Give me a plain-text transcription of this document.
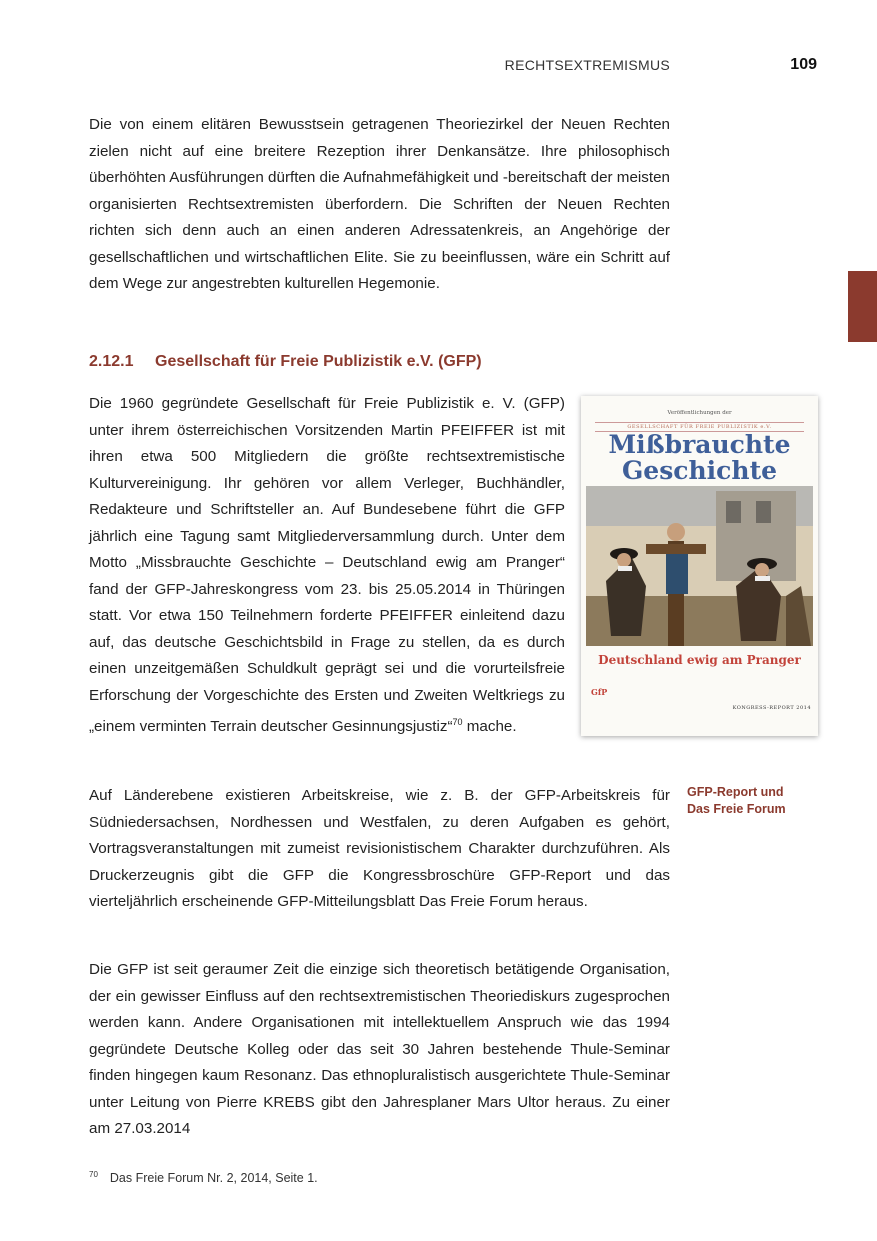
RECHTSEXTREMISMUS	109

Die von einem elitären Bewusstsein getragenen Theoriezirkel der Neuen Rechten zielen nicht auf eine breitere Rezeption ihrer Denkansätze. Ihre philosophisch überhöhten Ausführungen dürften die Aufnahmefähigkeit und -bereitschaft der meisten organisierten Rechtsextremisten überfordern. Die Schriften der Neuen Rechten richten sich denn auch an einen anderen Adressatenkreis, an Angehörige der gesellschaftlichen und wirtschaftlichen Elite. Sie zu beeinflussen, wäre ein Schritt auf dem Wege zur angestrebten kulturellen Hegemonie.

2.12.1 Gesellschaft für Freie Publizistik e.V. (GFP)

Die 1960 gegründete Gesellschaft für Freie Publizistik e. V. (GFP) unter ihrem österreichischen Vorsitzenden Martin PFEIFFER ist mit ihren etwa 500 Mitgliedern die größte rechtsextremistische Kulturvereinigung. Ihr gehören vor allem Verleger, Buchhändler, Redakteure und Schriftsteller an. Auf Bundesebene führt die GFP jährlich eine Tagung samt Mitgliederversammlung durch. Unter dem Motto „Missbrauchte Geschichte – Deutschland ewig am Pranger“ fand der GFP-Jahreskongress vom 23. bis 25.05.2014 in Thüringen statt. Vor etwa 150 Teilnehmern forderte PFEIFFER einleitend dazu auf, das deutsche Geschichtsbild in Frage zu stellen, da es durch einen unzeitgemäßen Schuldkult geprägt sei und die vorurteilsfreie Erforschung der Vorgeschichte des Ersten und Zweiten Weltkriegs zu „einem verminten Terrain deutscher Gesinnungsjustiz“$^{70}$ mache.

Veröffentlichungen der
GESELLSCHAFT FÜR FREIE PUBLIZISTIK e.V.
Mißbrauchte
Geschichte
Deutschland ewig am Pranger
GfP
KONGRESS-REPORT 2014
GFP-Report und
Das Freie Forum

Auf Länderebene existieren Arbeitskreise, wie z. B. der GFP-Arbeitskreis für Südniedersachsen, Nordhessen und Westfalen, zu deren Aufgaben es gehört, Vortragsveranstaltungen mit zumeist revisionistischem Charakter durchzuführen. Als Druckerzeugnis gibt die GFP die Kongressbroschüre GFP-Report und das vierteljährlich erscheinende GFP-Mitteilungsblatt Das Freie Forum heraus.

Die GFP ist seit geraumer Zeit die einzige sich theoretisch betätigende Organisation, der ein gewisser Einfluss auf den rechtsextremistischen Theoriediskurs zugesprochen werden kann. Andere Organisationen mit intellektuellem Anspruch wie das 1994 gegründete Deutsche Kolleg oder das seit 30 Jahren bestehende Thule-Seminar finden hingegen kaum Resonanz. Das ethnopluralistisch ausgerichtete Thule-Seminar unter Leitung von Pierre KREBS gibt den Jahresplaner Mars Ultor heraus. Zu einer am 27.03.2014

$^{70}$ Das Freie Forum Nr. 2, 2014, Seite 1.
